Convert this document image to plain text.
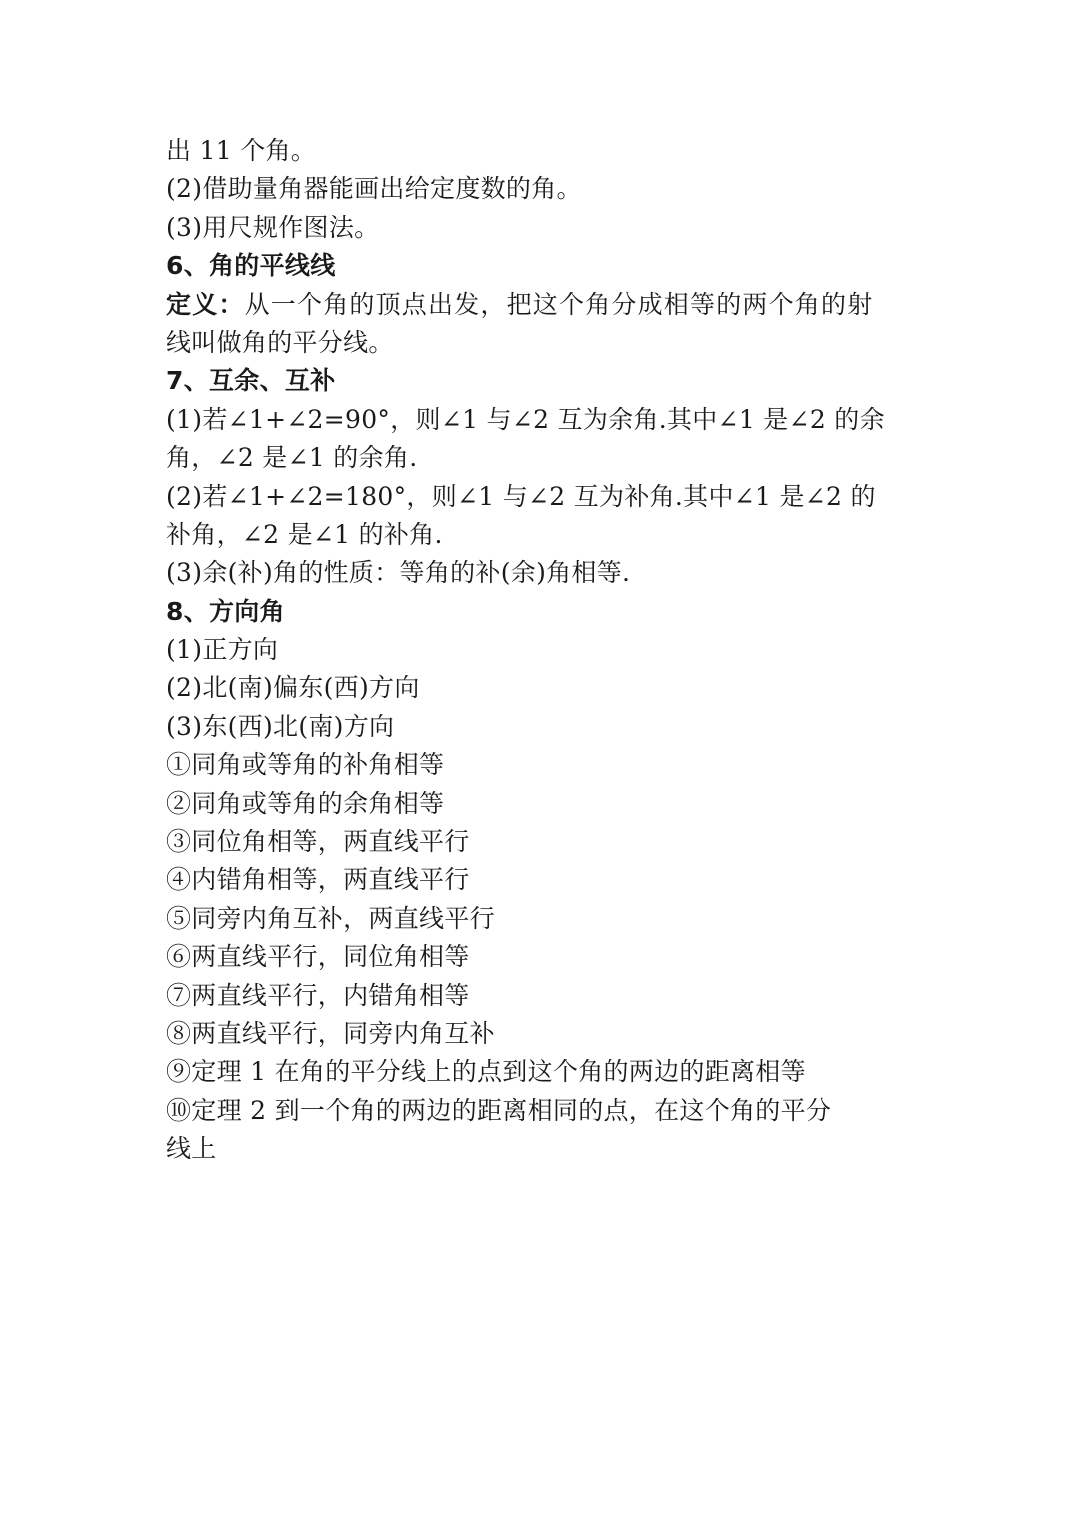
出 11 个角。
(2)借助量角器能画出给定度数的角。
(3)用尺规作图法。
6、角的平线线
定义：从一个角的顶点出发，把这个角分成相等的两个角的射
线叫做角的平分线。
7、互余、互补
(1)若∠1+∠2=90°，则∠1 与∠2 互为余角.其中∠1 是∠2 的余
角，∠2 是∠1 的余角.
(2)若∠1+∠2=180°，则∠1 与∠2 互为补角.其中∠1 是∠2 的
补角，∠2 是∠1 的补角.
(3)余(补)角的性质：等角的补(余)角相等.
8、方向角
(1)正方向
(2)北(南)偏东(西)方向
(3)东(西)北(南)方向
①同角或等角的补角相等
②同角或等角的余角相等
③同位角相等，两直线平行
④内错角相等，两直线平行
⑤同旁内角互补，两直线平行
⑥两直线平行，同位角相等
⑦两直线平行，内错角相等
⑧两直线平行，同旁内角互补
⑨定理 1 在角的平分线上的点到这个角的两边的距离相等
⑩定理 2 到一个角的两边的距离相同的点，在这个角的平分
线上
